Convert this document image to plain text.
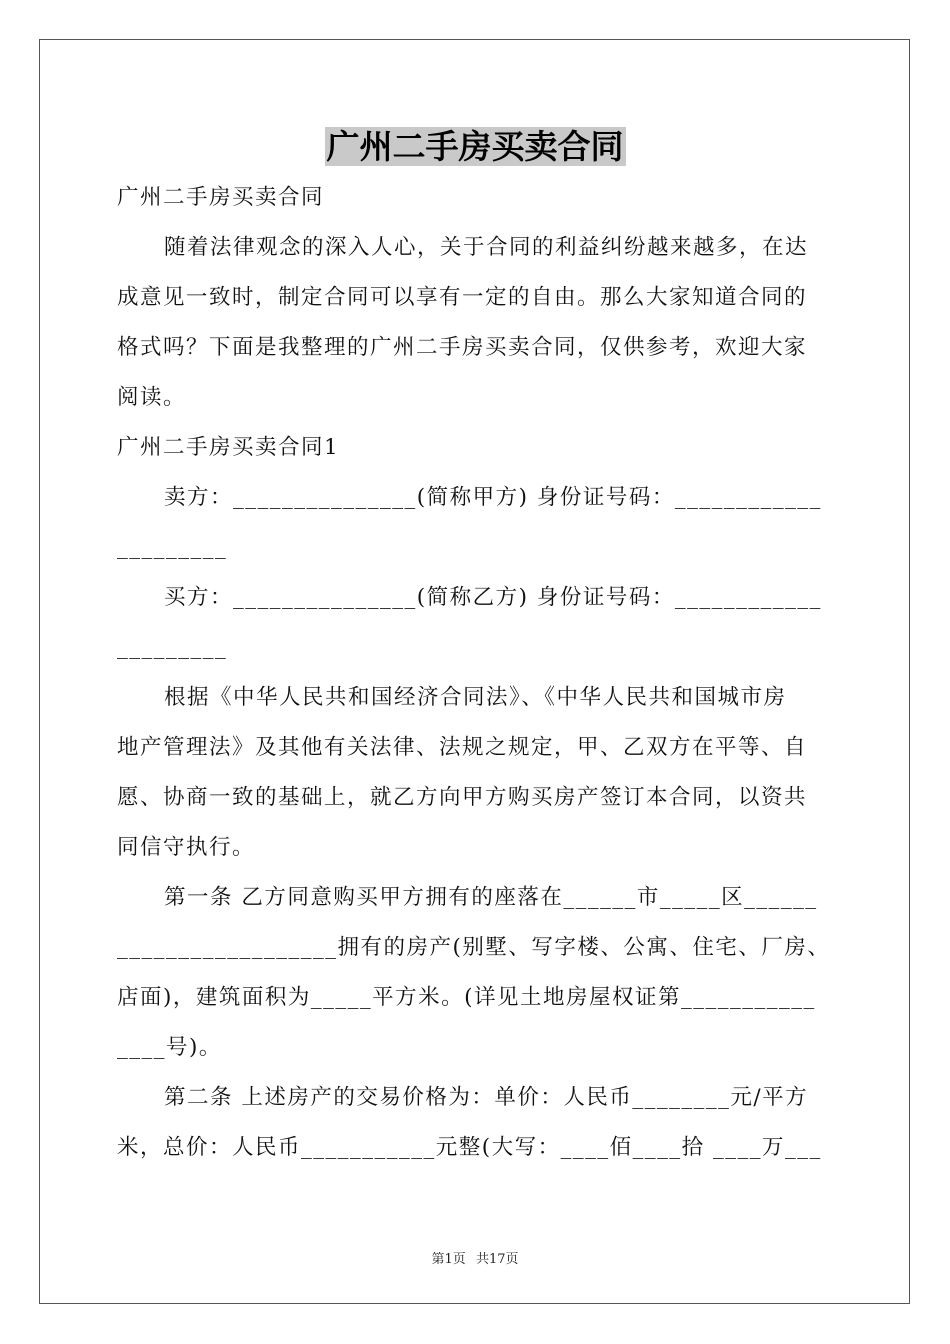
广州二手房买卖合同
广州二手房买卖合同
随着法律观念的深入人心，关于合同的利益纠纷越来越多，在达
成意见一致时，制定合同可以享有一定的自由。那么大家知道合同的
格式吗？下面是我整理的广州二手房买卖合同，仅供参考，欢迎大家
阅读。
广州二手房买卖合同1
卖方：_______________(简称甲方) 身份证号码：____________
_________
买方：_______________(简称乙方) 身份证号码：____________
_________
根据《中华人民共和国经济合同法》、《中华人民共和国城市房
地产管理法》及其他有关法律、法规之规定，甲、乙双方在平等、自
愿、协商一致的基础上，就乙方向甲方购买房产签订本合同，以资共
同信守执行。
第一条 乙方同意购买甲方拥有的座落在______市_____区______
__________________拥有的房产(别墅、写字楼、公寓、住宅、厂房、
店面)，建筑面积为_____平方米。(详见土地房屋权证第___________
____号)。
第二条 上述房产的交易价格为：单价：人民币________元/平方
米，总价：人民币___________元整(大写：____佰____拾 ____万___
第1页 共17页
